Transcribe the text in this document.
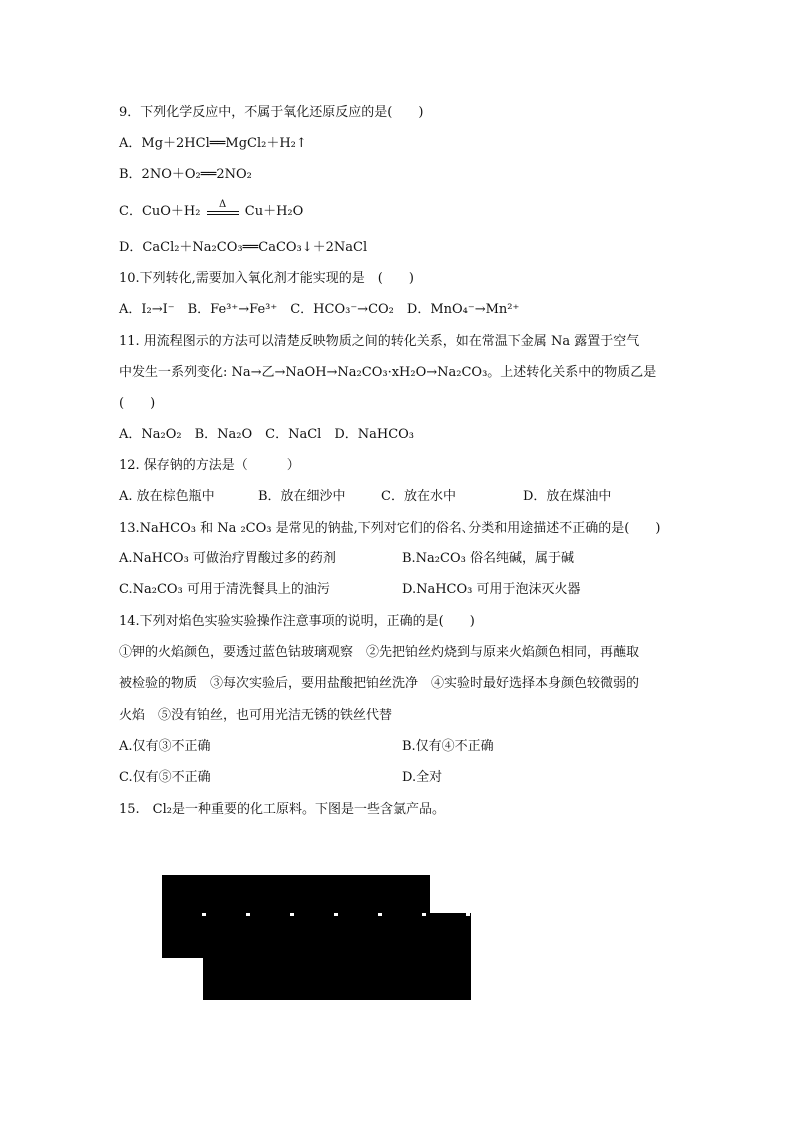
9．下列化学反应中，不属于氧化还原反应的是(　　)
A．Mg＋2HCl══MgCl₂＋H₂↑
B．2NO＋O₂══2NO₂
C．CuO＋H₂	Δ	Cu＋H₂O
D．CaCl₂＋Na₂CO₃══CaCO₃↓＋2NaCl
10.下列转化,需要加入氧化剂才能实现的是　(　　)
A．I₂→I⁻　B．Fe³⁺→Fe³⁺　C．HCO₃⁻→CO₂　D．MnO₄⁻→Mn²⁺
11. 用流程图示的方法可以清楚反映物质之间的转化关系，如在常温下金属 Na 露置于空气
中发生一系列变化: Na→乙→NaOH→Na₂CO₃·xH₂O→Na₂CO₃。上述转化关系中的物质乙是
(　　)
A．Na₂O₂　B．Na₂O　C．NaCl　D．NaHCO₃
12. 保存钠的方法是（　　　）
A. 放在棕色瓶中	B．放在细沙中	C．放在水中	D．放在煤油中
13.NaHCO₃ 和 Na ₂CO₃ 是常见的钠盐,下列对它们的俗名､分类和用途描述不正确的是(　　)
A.NaHCO₃ 可做治疗胃酸过多的药剂	B.Na₂CO₃ 俗名纯碱，属于碱
C.Na₂CO₃ 可用于清洗餐具上的油污	D.NaHCO₃ 可用于泡沫灭火器
14.下列对焰色实验实验操作注意事项的说明，正确的是(　　)
①钾的火焰颜色，要透过蓝色钴玻璃观察　②先把铂丝灼烧到与原来火焰颜色相同，再蘸取
被检验的物质　③每次实验后，要用盐酸把铂丝洗净　④实验时最好选择本身颜色较微弱的
火焰　⑤没有铂丝，也可用光洁无锈的铁丝代替
A.仅有③不正确	B.仅有④不正确
C.仅有⑤不正确	D.全对
15.　Cl₂是一种重要的化工原料。下图是一些含氯产品。
